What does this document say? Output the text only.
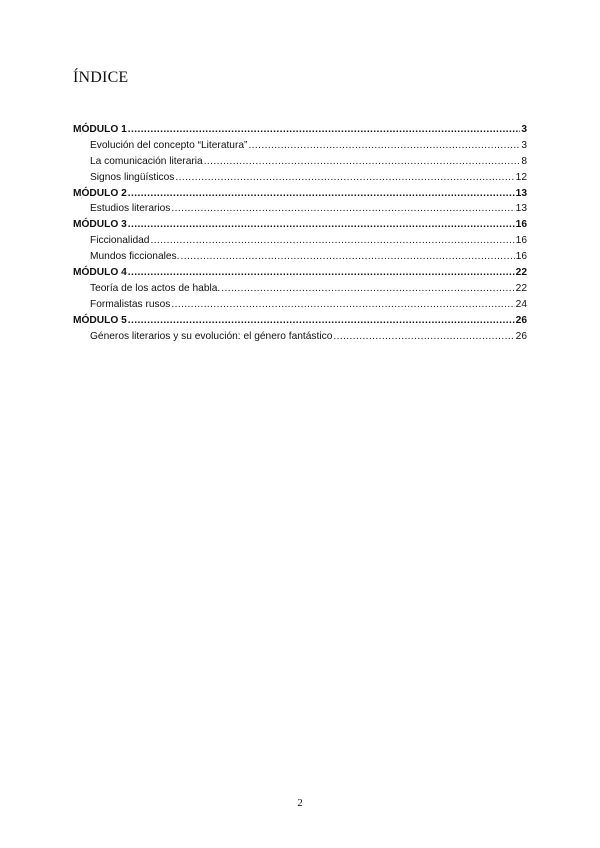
ÍNDICE
MÓDULO 1 .....	3
Evolución del concepto “Literatura” .....	3
La comunicación literaria .....	8
Signos lingüísticos .....	12
MÓDULO 2 .....	13
Estudios literarios .....	13
MÓDULO 3 .....	16
Ficcionalidad .....	16
Mundos ficcionales. .....	16
MÓDULO 4 .....	22
Teoría de los actos de habla. .....	22
Formalistas rusos .....	24
MÓDULO 5 .....	26
Géneros literarios y su evolución: el género fantástico .....	26
2
